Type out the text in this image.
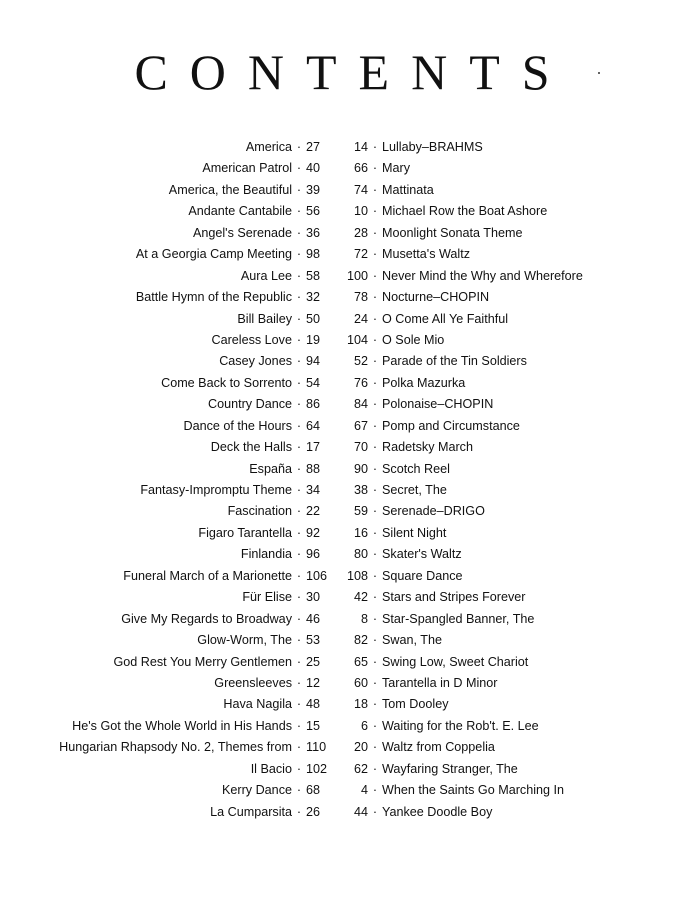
CONTENTS
America · 27
American Patrol · 40
America, the Beautiful · 39
Andante Cantabile · 56
Angel's Serenade · 36
At a Georgia Camp Meeting · 98
Aura Lee · 58
Battle Hymn of the Republic · 32
Bill Bailey · 50
Careless Love · 19
Casey Jones · 94
Come Back to Sorrento · 54
Country Dance · 86
Dance of the Hours · 64
Deck the Halls · 17
España · 88
Fantasy-Impromptu Theme · 34
Fascination · 22
Figaro Tarantella · 92
Finlandia · 96
Funeral March of a Marionette · 106
Für Elise · 30
Give My Regards to Broadway · 46
Glow-Worm, The · 53
God Rest You Merry Gentlemen · 25
Greensleeves · 12
Hava Nagila · 48
He's Got the Whole World in His Hands · 15
Hungarian Rhapsody No. 2, Themes from · 110
Il Bacio · 102
Kerry Dance · 68
La Cumparsita · 26
14 · Lullaby–BRAHMS
66 · Mary
74 · Mattinata
10 · Michael Row the Boat Ashore
28 · Moonlight Sonata Theme
72 · Musetta's Waltz
100 · Never Mind the Why and Wherefore
78 · Nocturne–CHOPIN
24 · O Come All Ye Faithful
104 · O Sole Mio
52 · Parade of the Tin Soldiers
76 · Polka Mazurka
84 · Polonaise–CHOPIN
67 · Pomp and Circumstance
70 · Radetsky March
90 · Scotch Reel
38 · Secret, The
59 · Serenade–DRIGO
16 · Silent Night
80 · Skater's Waltz
108 · Square Dance
42 · Stars and Stripes Forever
8 · Star-Spangled Banner, The
82 · Swan, The
65 · Swing Low, Sweet Chariot
60 · Tarantella in D Minor
18 · Tom Dooley
6 · Waiting for the Rob't. E. Lee
20 · Waltz from Coppelia
62 · Wayfaring Stranger, The
4 · When the Saints Go Marching In
44 · Yankee Doodle Boy
